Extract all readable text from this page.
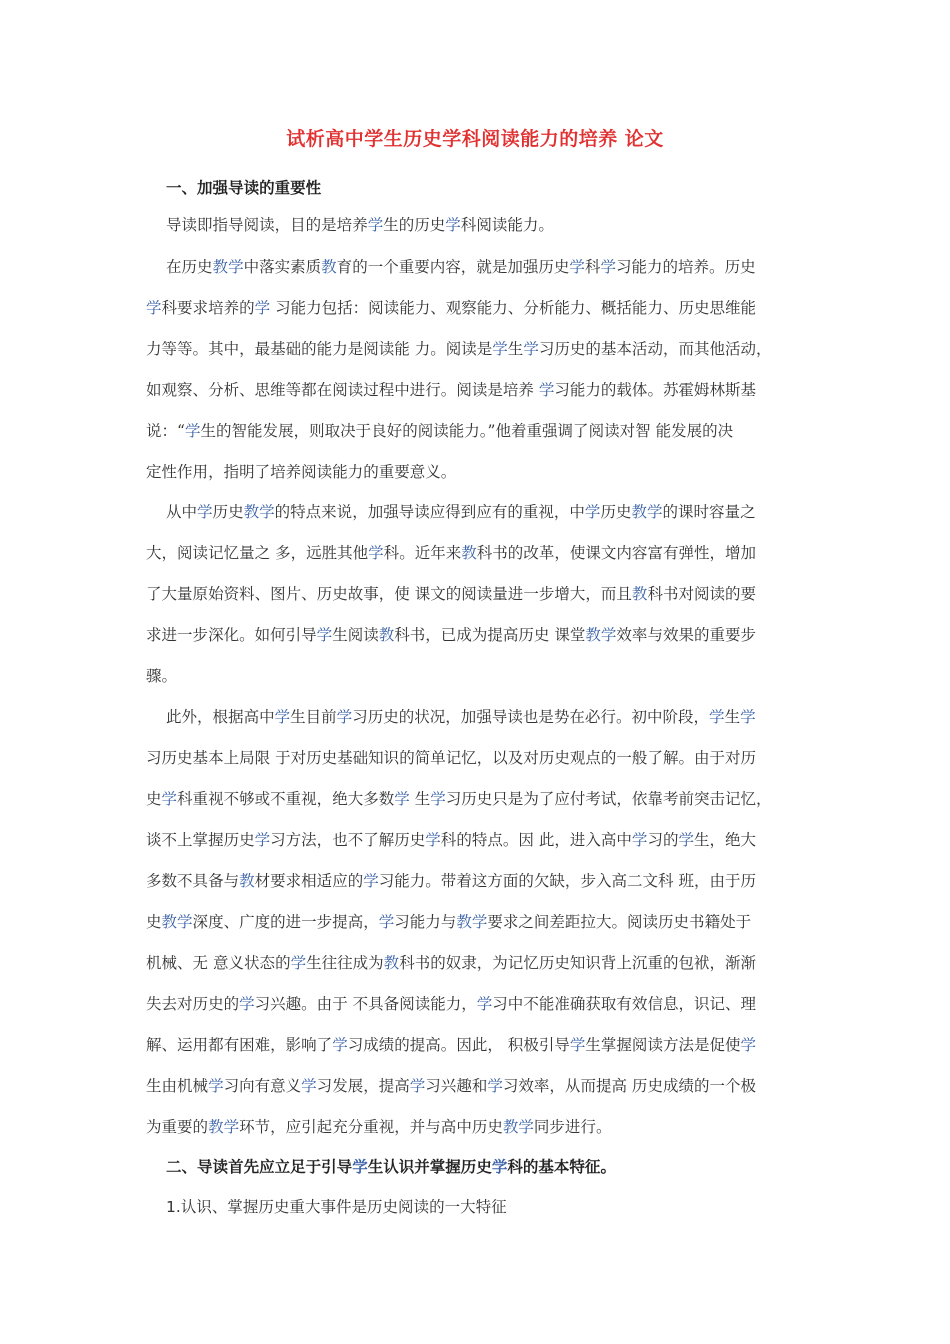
试析高中学生历史学科阅读能力的培养 论文
一、加强导读的重要性
导读即指导阅读，目的是培养学生的历史学科阅读能力。
在历史教学中落实素质教育的一个重要内容，就是加强历史学科学习能力的培养。历史
学科要求培养的学 习能力包括：阅读能力、观察能力、分析能力、概括能力、历史思维能
力等等。其中，最基础的能力是阅读能 力。阅读是学生学习历史的基本活动，而其他活动，
如观察、分析、思维等都在阅读过程中进行。阅读是培养 学习能力的载体。苏霍姆林斯基
说：“学生的智能发展，则取决于良好的阅读能力。”他着重强调了阅读对智 能发展的决
定性作用，指明了培养阅读能力的重要意义。
从中学历史教学的特点来说，加强导读应得到应有的重视，中学历史教学的课时容量之
大，阅读记忆量之 多，远胜其他学科。近年来教科书的改革，使课文内容富有弹性，增加
了大量原始资料、图片、历史故事，使 课文的阅读量进一步增大，而且教科书对阅读的要
求进一步深化。如何引导学生阅读教科书，已成为提高历史 课堂教学效率与效果的重要步
骤。
此外，根据高中学生目前学习历史的状况，加强导读也是势在必行。初中阶段，学生学
习历史基本上局限 于对历史基础知识的简单记忆，以及对历史观点的一般了解。由于对历
史学科重视不够或不重视，绝大多数学 生学习历史只是为了应付考试，依靠考前突击记忆，
谈不上掌握历史学习方法，也不了解历史学科的特点。因 此，进入高中学习的学生，绝大
多数不具备与教材要求相适应的学习能力。带着这方面的欠缺，步入高二文科 班，由于历
史教学深度、广度的进一步提高，学习能力与教学要求之间差距拉大。阅读历史书籍处于
机械、无 意义状态的学生往往成为教科书的奴隶，为记忆历史知识背上沉重的包袱，渐渐
失去对历史的学习兴趣。由于 不具备阅读能力，学习中不能准确获取有效信息，识记、理
解、运用都有困难，影响了学习成绩的提高。因此， 积极引导学生掌握阅读方法是促使学
生由机械学习向有意义学习发展，提高学习兴趣和学习效率，从而提高 历史成绩的一个极
为重要的教学环节，应引起充分重视，并与高中历史教学同步进行。
二、导读首先应立足于引导学生认识并掌握历史学科的基本特征。
1.认识、掌握历史重大事件是历史阅读的一大特征
